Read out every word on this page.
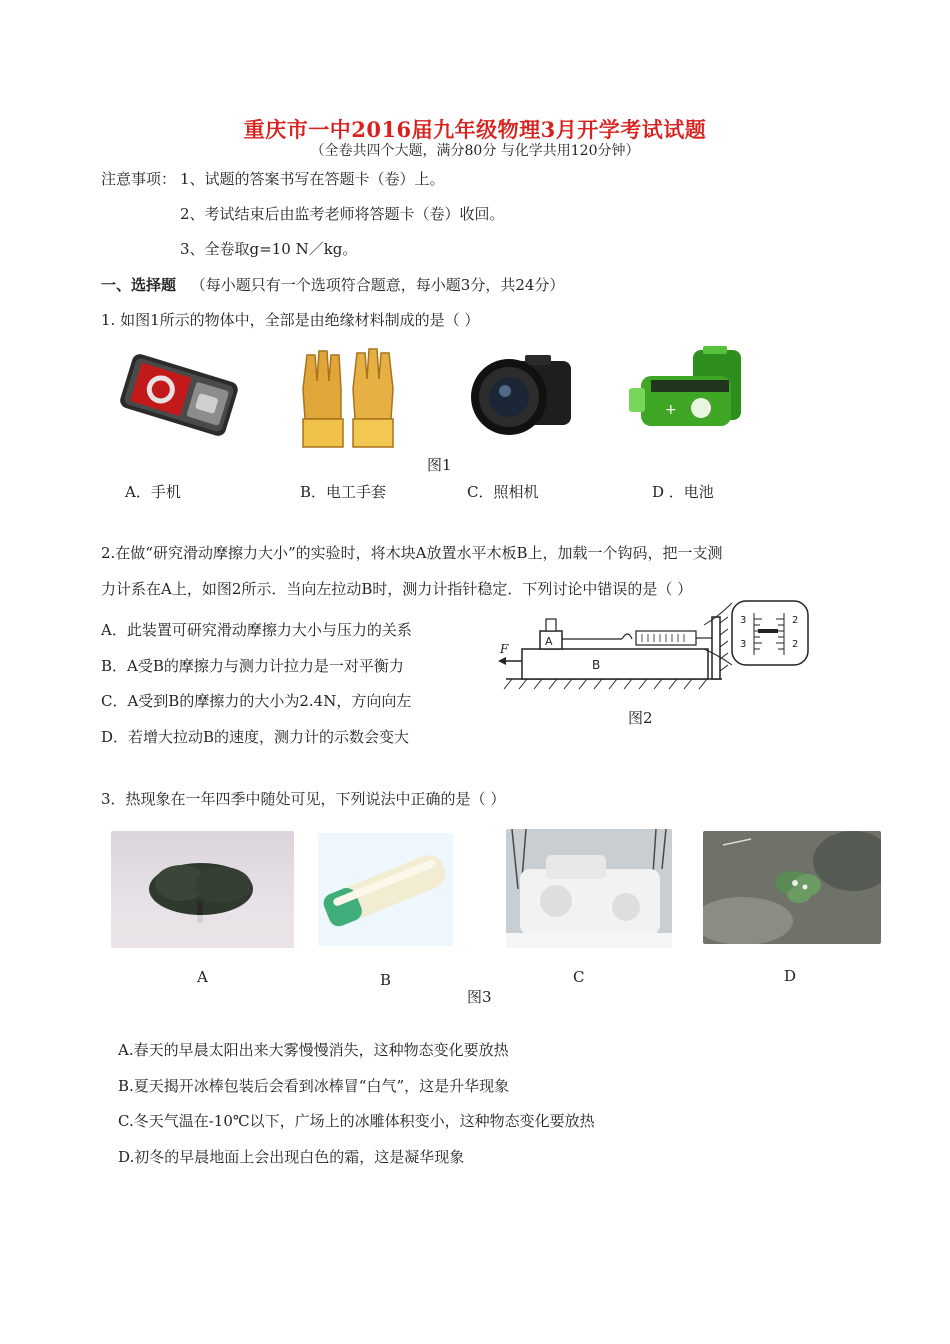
重庆市一中2016届九年级物理3月开学考试试题
（全卷共四个大题，满分80分 与化学共用120分钟）
注意事项： 1、试题的答案书写在答题卡（卷）上。
2、考试结束后由监考老师将答题卡（卷）收回。
3、全卷取g=10 N／kg。
一、选择题 （每小题只有一个选项符合题意，每小题3分，共24分）
1. 如图1所示的物体中，全部是由绝缘材料制成的是（ ）
+
图1
A．手机	B．电工手套	C．照相机	D ．电池
2.在做“研究滑动摩擦力大小”的实验时，将木块A放置水平木板B上，加载一个钩码，把一支测
力计系在A上，如图2所示．当向左拉动B时，测力计指针稳定．下列讨论中错误的是（ ）
A．此装置可研究滑动摩擦力大小与压力的关系
B．A受B的摩擦力与测力计拉力是一对平衡力
C．A受到B的摩擦力的大小为2.4N，方向向左
D．若增大拉动B的速度，测力计的示数会变大
B
F
A
3
3
2
2
图2
3．热现象在一年四季中随处可见，下列说法中正确的是（ ）
A	B	C	D
图3
A.春天的早晨太阳出来大雾慢慢消失，这种物态变化要放热
B.夏天揭开冰棒包装后会看到冰棒冒“白气”，这是升华现象
C.冬天气温在-10℃以下，广场上的冰雕体积变小，这种物态变化要放热
D.初冬的早晨地面上会出现白色的霜，这是凝华现象
